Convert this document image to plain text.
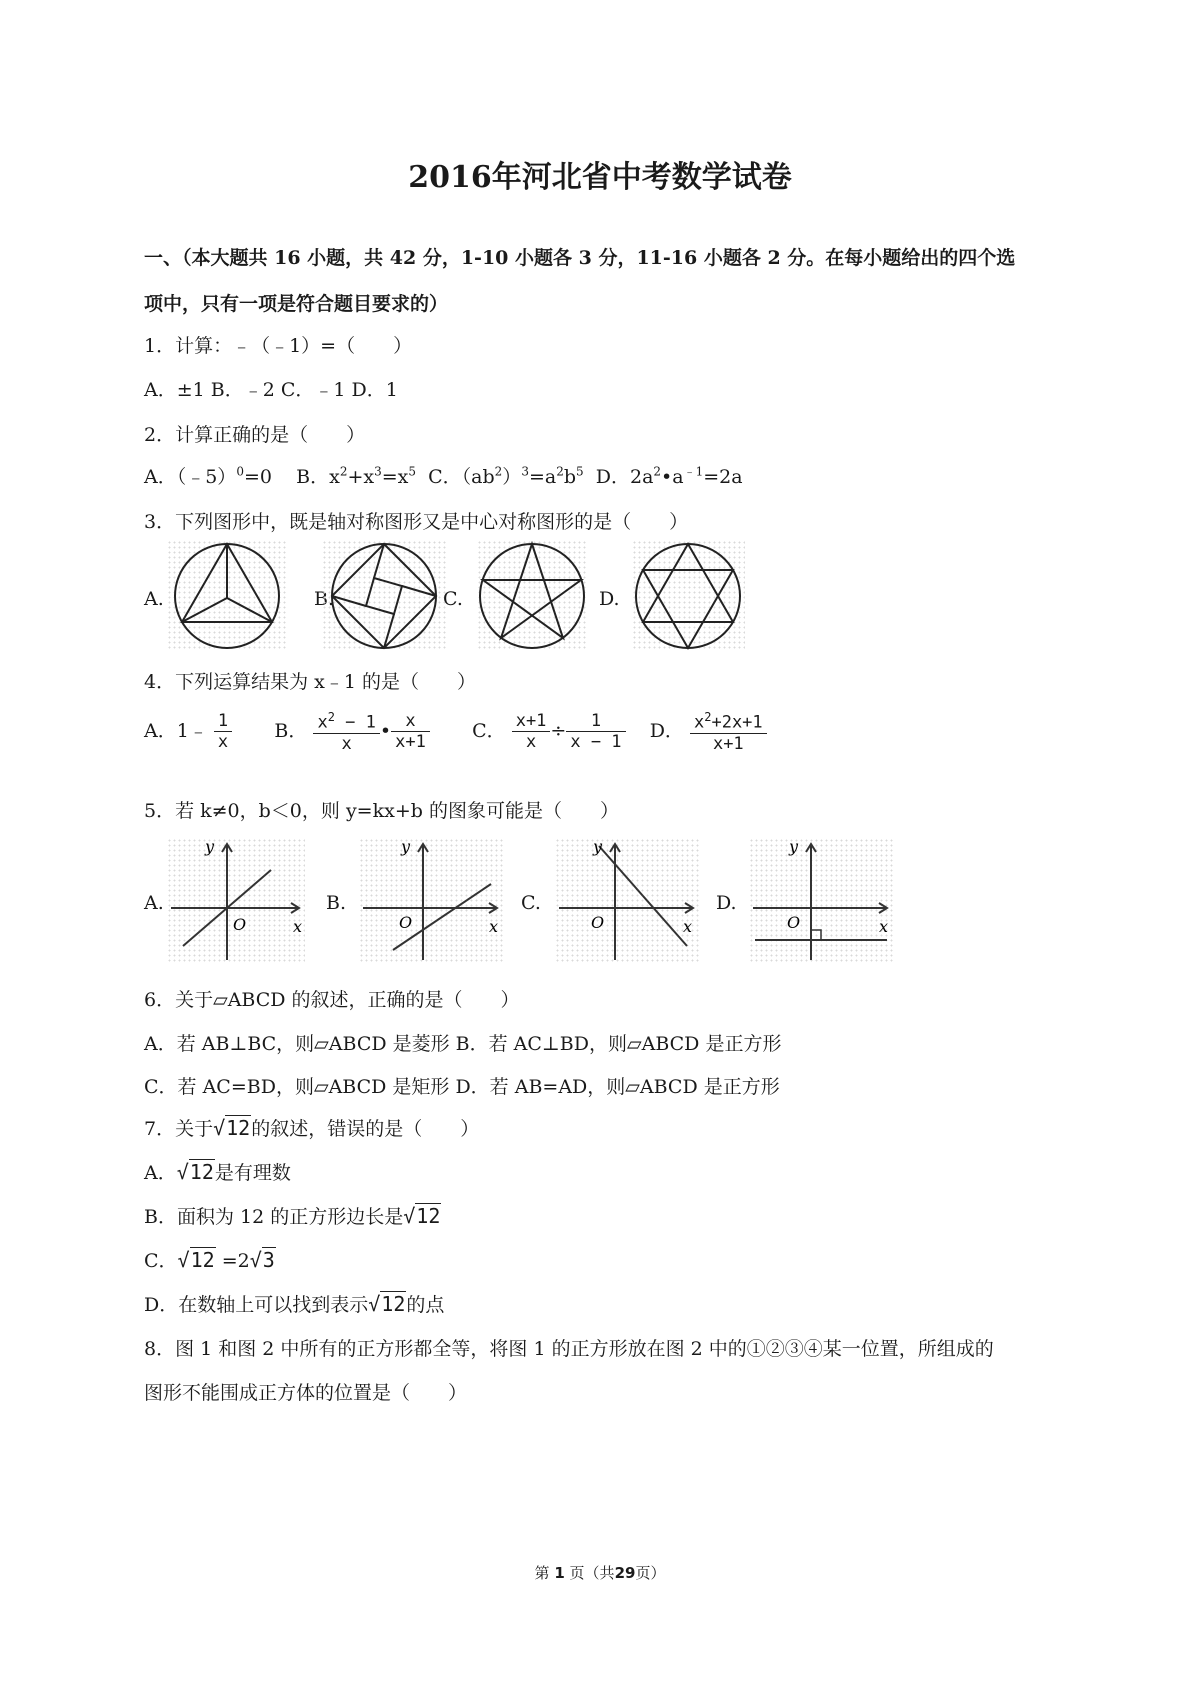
2016年河北省中考数学试卷
一、（本大题共 16 小题，共 42 分，1-10 小题各 3 分，11-16 小题各 2 分。在每小题给出的四个选
项中，只有一项是符合题目要求的）
1．计算：﹣（﹣1）=（　　）
A．±1 B．﹣2 C．﹣1 D．1
2．计算正确的是（　　）
A．（﹣5）$^0$=0 B．$x^2+x^3=x^5$ C．$(ab^2)^3=a^2b^5$ D．$2a^2•a^{﹣1}=2a$
3．下列图形中，既是轴对称图形又是中心对称图形的是（　　）
A.	B.	C.	D.
4．下列运算结果为 x﹣1 的是（　　）
A．1﹣ $\frac{1}{x}$ B． $\frac{x^2 - 1}{x}$ • $\frac{x}{x+1}$ C． $\frac{x+1}{x} \div \frac{1}{x - 1}$ D． $\frac{x^2+2x+1}{x+1}$
5．若 k≠0，b＜0，则 y=kx+b 的图象可能是（　　）
A.
y
x
O
B.
y
x
O
C.
y
x
O
D.
y
x
O
6．关于▱ABCD 的叙述，正确的是（　　）
A．若 AB⊥BC，则▱ABCD 是菱形 B．若 AC⊥BD，则▱ABCD 是正方形
C．若 AC=BD，则▱ABCD 是矩形 D．若 AB=AD，则▱ABCD 是正方形
7．关于√12的叙述，错误的是（　　）
A．√12是有理数
B．面积为 12 的正方形边长是√12
C．√12 =2√3
D．在数轴上可以找到表示√12的点
8．图 1 和图 2 中所有的正方形都全等，将图 1 的正方形放在图 2 中的①②③④某一位置，所组成的
图形不能围成正方体的位置是（　　）
第 1 页（共29页）
